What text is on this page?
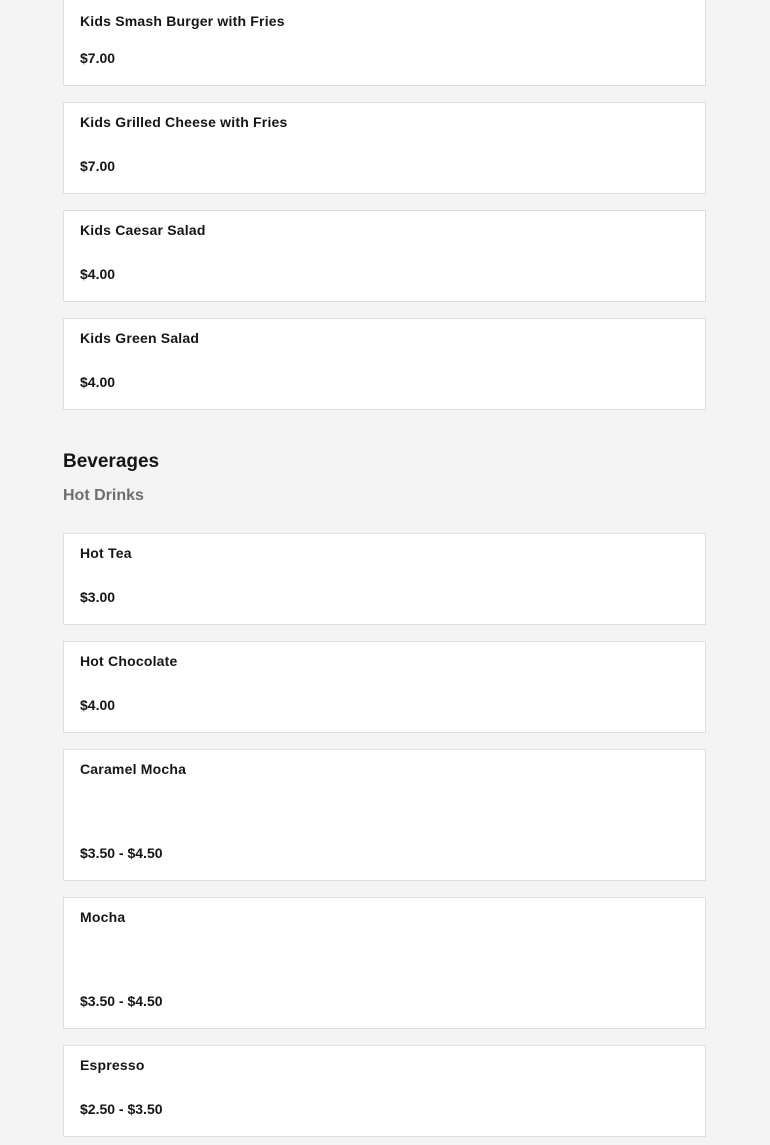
Kids Smash Burger with Fries
$7.00
Kids Grilled Cheese with Fries
$7.00
Kids Caesar Salad
$4.00
Kids Green Salad
$4.00
Beverages
Hot Drinks
Hot Tea
$3.00
Hot Chocolate
$4.00
Caramel Mocha
$3.50 - $4.50
Mocha
$3.50 - $4.50
Espresso
$2.50 - $3.50
